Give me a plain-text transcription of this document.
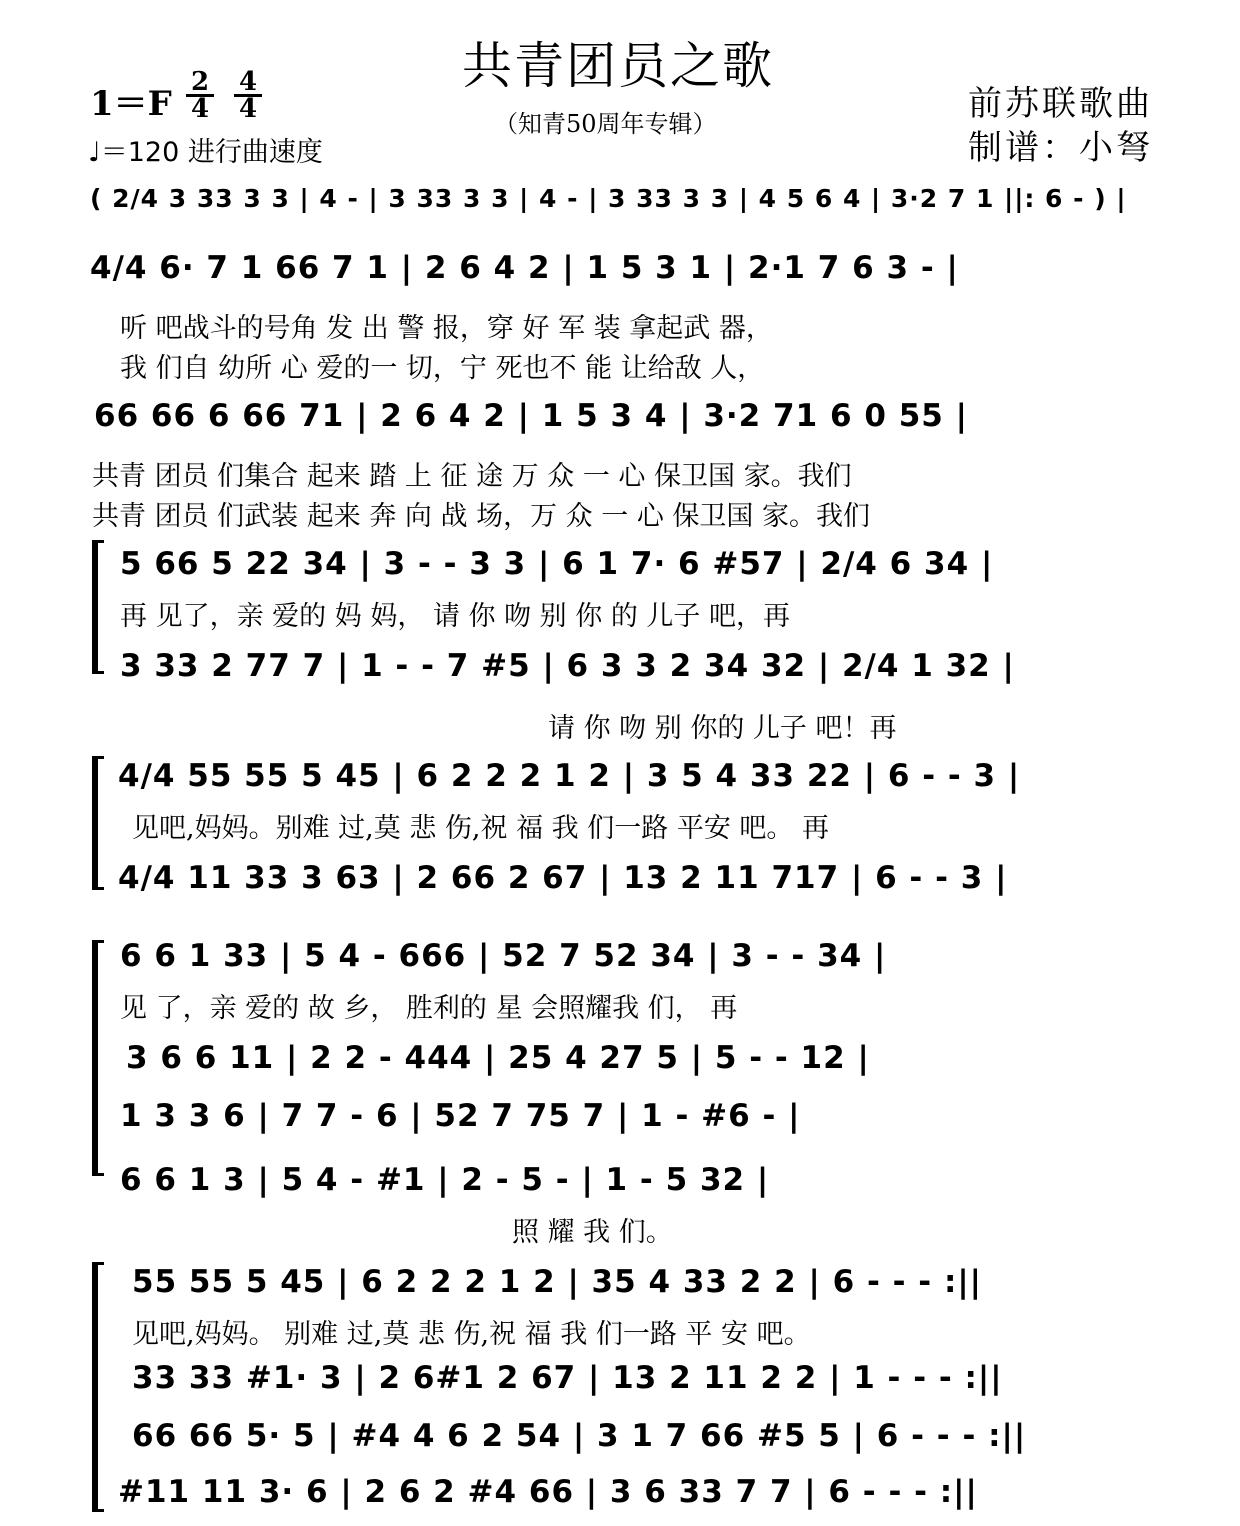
共青团员之歌
（知青50周年专辑）
1＝F
2
4
4
4
♩＝120 进行曲速度
前苏联歌曲
制谱：小弩
( 2/4 3 33 3 3 | 4 - | 3 33 3 3 | 4 - | 3 33 3 3 | 4 5 6 4 | 3·2 7 1 ||: 6 - ) |
4/4 6· 7 1 66 7 1 | 2 6 4 2 | 1 5 3 1 | 2·1 7 6 3 - |
听 吧战斗的号角 发 出 警 报，穿 好 军 装 拿起武 器，
我 们自 幼所 心 爱的一 切，宁 死也不 能 让给敌 人，
66 66 6 66 71 | 2 6 4 2 | 1 5 3 4 | 3·2 71 6 0 55 |
共青 团员 们集合 起来 踏 上 征 途 万 众 一 心 保卫国 家。我们
共青 团员 们武装 起来 奔 向 战 场，万 众 一 心 保卫国 家。我们
5 66 5 22 34 | 3 - - 3 3 | 6 1 7· 6 #57 | 2/4 6 34 |
再 见了，亲 爱的 妈 妈， 请 你 吻 别 你 的 儿子 吧，再
3 33 2 77 7 | 1 - - 7 #5 | 6 3 3 2 34 32 | 2/4 1 32 |
请 你 吻 别 你的 儿子 吧！再
4/4 55 55 5 45 | 6 2 2 2 1 2 | 3 5 4 33 22 | 6 - - 3 |
见吧,妈妈。别难 过,莫 悲 伤,祝 福 我 们一路 平安 吧。 再
4/4 11 33 3 63 | 2 66 2 67 | 13 2 11 717 | 6 - - 3 |
6 6 1 33 | 5 4 - 666 | 52 7 52 34 | 3 - - 34 |
见 了，亲 爱的 故 乡， 胜利的 星 会照耀我 们， 再
3 6 6 11 | 2 2 - 444 | 25 4 27 5 | 5 - - 12 |
1 3 3 6 | 7 7 - 6 | 52 7 75 7 | 1 - #6 - |
6 6 1 3 | 5 4 - #1 | 2 - 5 - | 1 - 5 32 |
照 耀 我 们。
55 55 5 45 | 6 2 2 2 1 2 | 35 4 33 2 2 | 6 - - - :||
见吧,妈妈。 别难 过,莫 悲 伤,祝 福 我 们一路 平 安 吧。
33 33 #1· 3 | 2 6#1 2 67 | 13 2 11 2 2 | 1 - - - :||
66 66 5· 5 | #4 4 6 2 54 | 3 1 7 66 #5 5 | 6 - - - :||
#11 11 3· 6 | 2 6 2 #4 66 | 3 6 33 7 7 | 6 - - - :||
